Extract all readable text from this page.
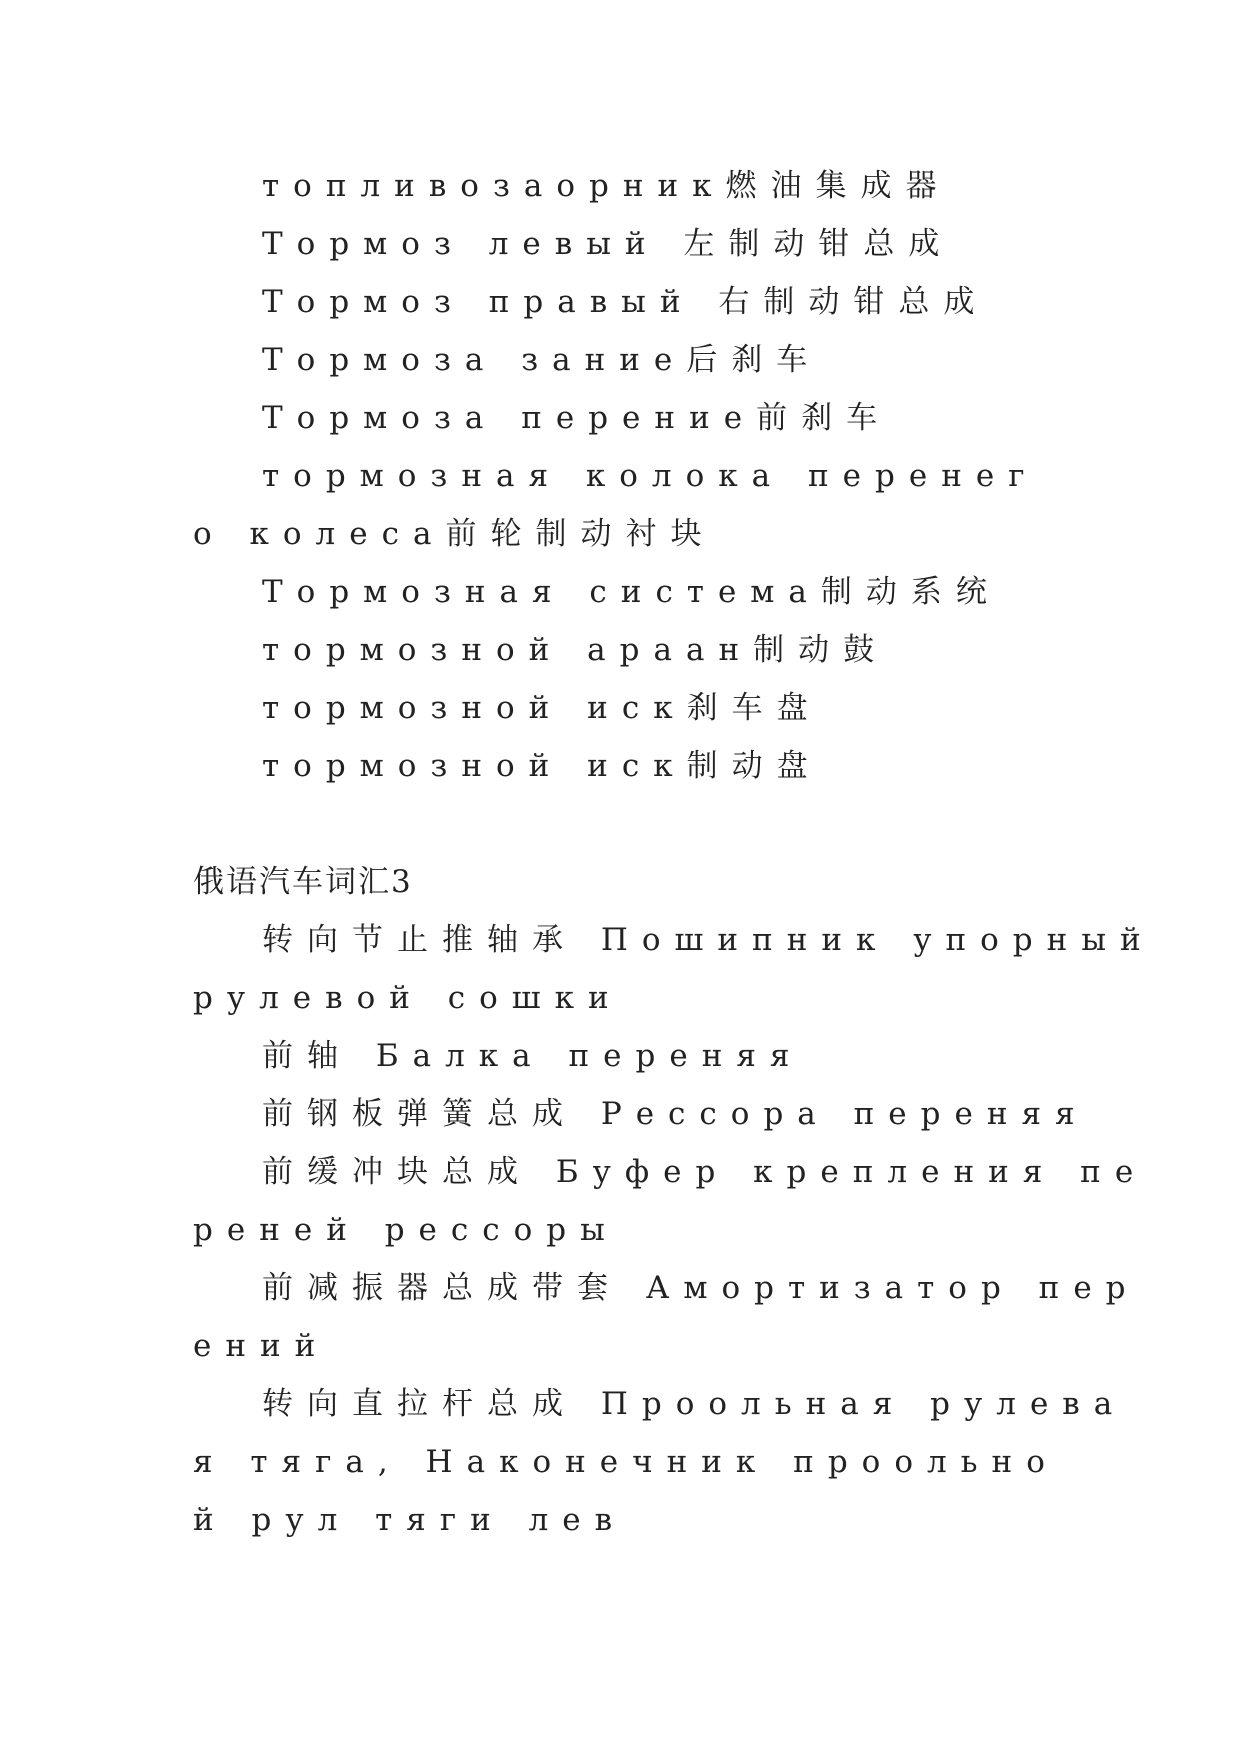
топливозаорник燃油集成器
Тормоз левый 左制动钳总成
Тормоз правый 右制动钳总成
Тормоза зание后刹车
Тормоза перение前刹车
тормозная колока перенег
о колеса前轮制动衬块
Тормозная система制动系统
тормозной араан制动鼓
тормозной иск刹车盘
тормозной иск制动盘
俄语汽车词汇3
转向节止推轴承 Пошипник упорный
рулевой сошки
前轴 Балка переняя
前钢板弹簧总成 Рессора переняя
前缓冲块总成 Буфер крепления пе
реней рессоры
前减振器总成带套 Амортизатор пер
ений
转向直拉杆总成 Проольная рулева
я тяга, Наконечник проольно
й рул тяги лев
